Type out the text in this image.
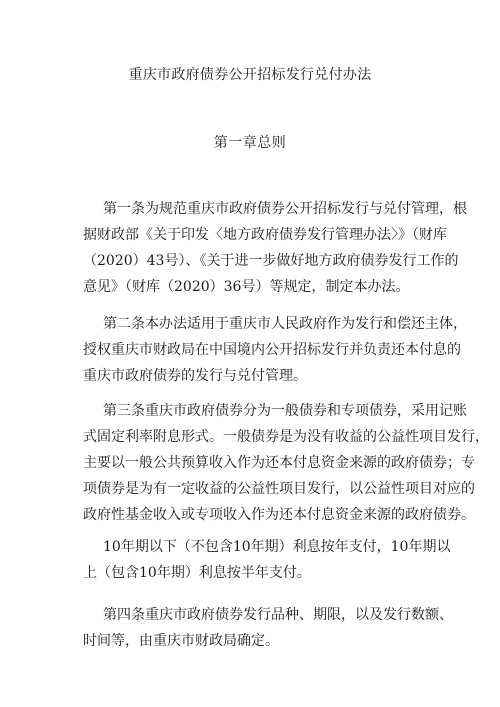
重庆市政府债券公开招标发行兑付办法
第一章总则
第一条为规范重庆市政府债券公开招标发行与兑付管理，根
据财政部《关于印发〈地方政府债券发行管理办法〉》（财库
（2020）43号）、《关于进一步做好地方政府债券发行工作的
意见》（财库（2020）36号）等规定，制定本办法。
第二条本办法适用于重庆市人民政府作为发行和偿还主体，
授权重庆市财政局在中国境内公开招标发行并负责还本付息的
重庆市政府债券的发行与兑付管理。
第三条重庆市政府债券分为一般债券和专项债券，采用记账
式固定利率附息形式。一般债券是为没有收益的公益性项目发行，
主要以一般公共预算收入作为还本付息资金来源的政府债券；专
项债券是为有一定收益的公益性项目发行，以公益性项目对应的
政府性基金收入或专项收入作为还本付息资金来源的政府债券。
10年期以下（不包含10年期）利息按年支付，10年期以
上（包含10年期）利息按半年支付。
第四条重庆市政府债券发行品种、期限，以及发行数额、
时间等，由重庆市财政局确定。
